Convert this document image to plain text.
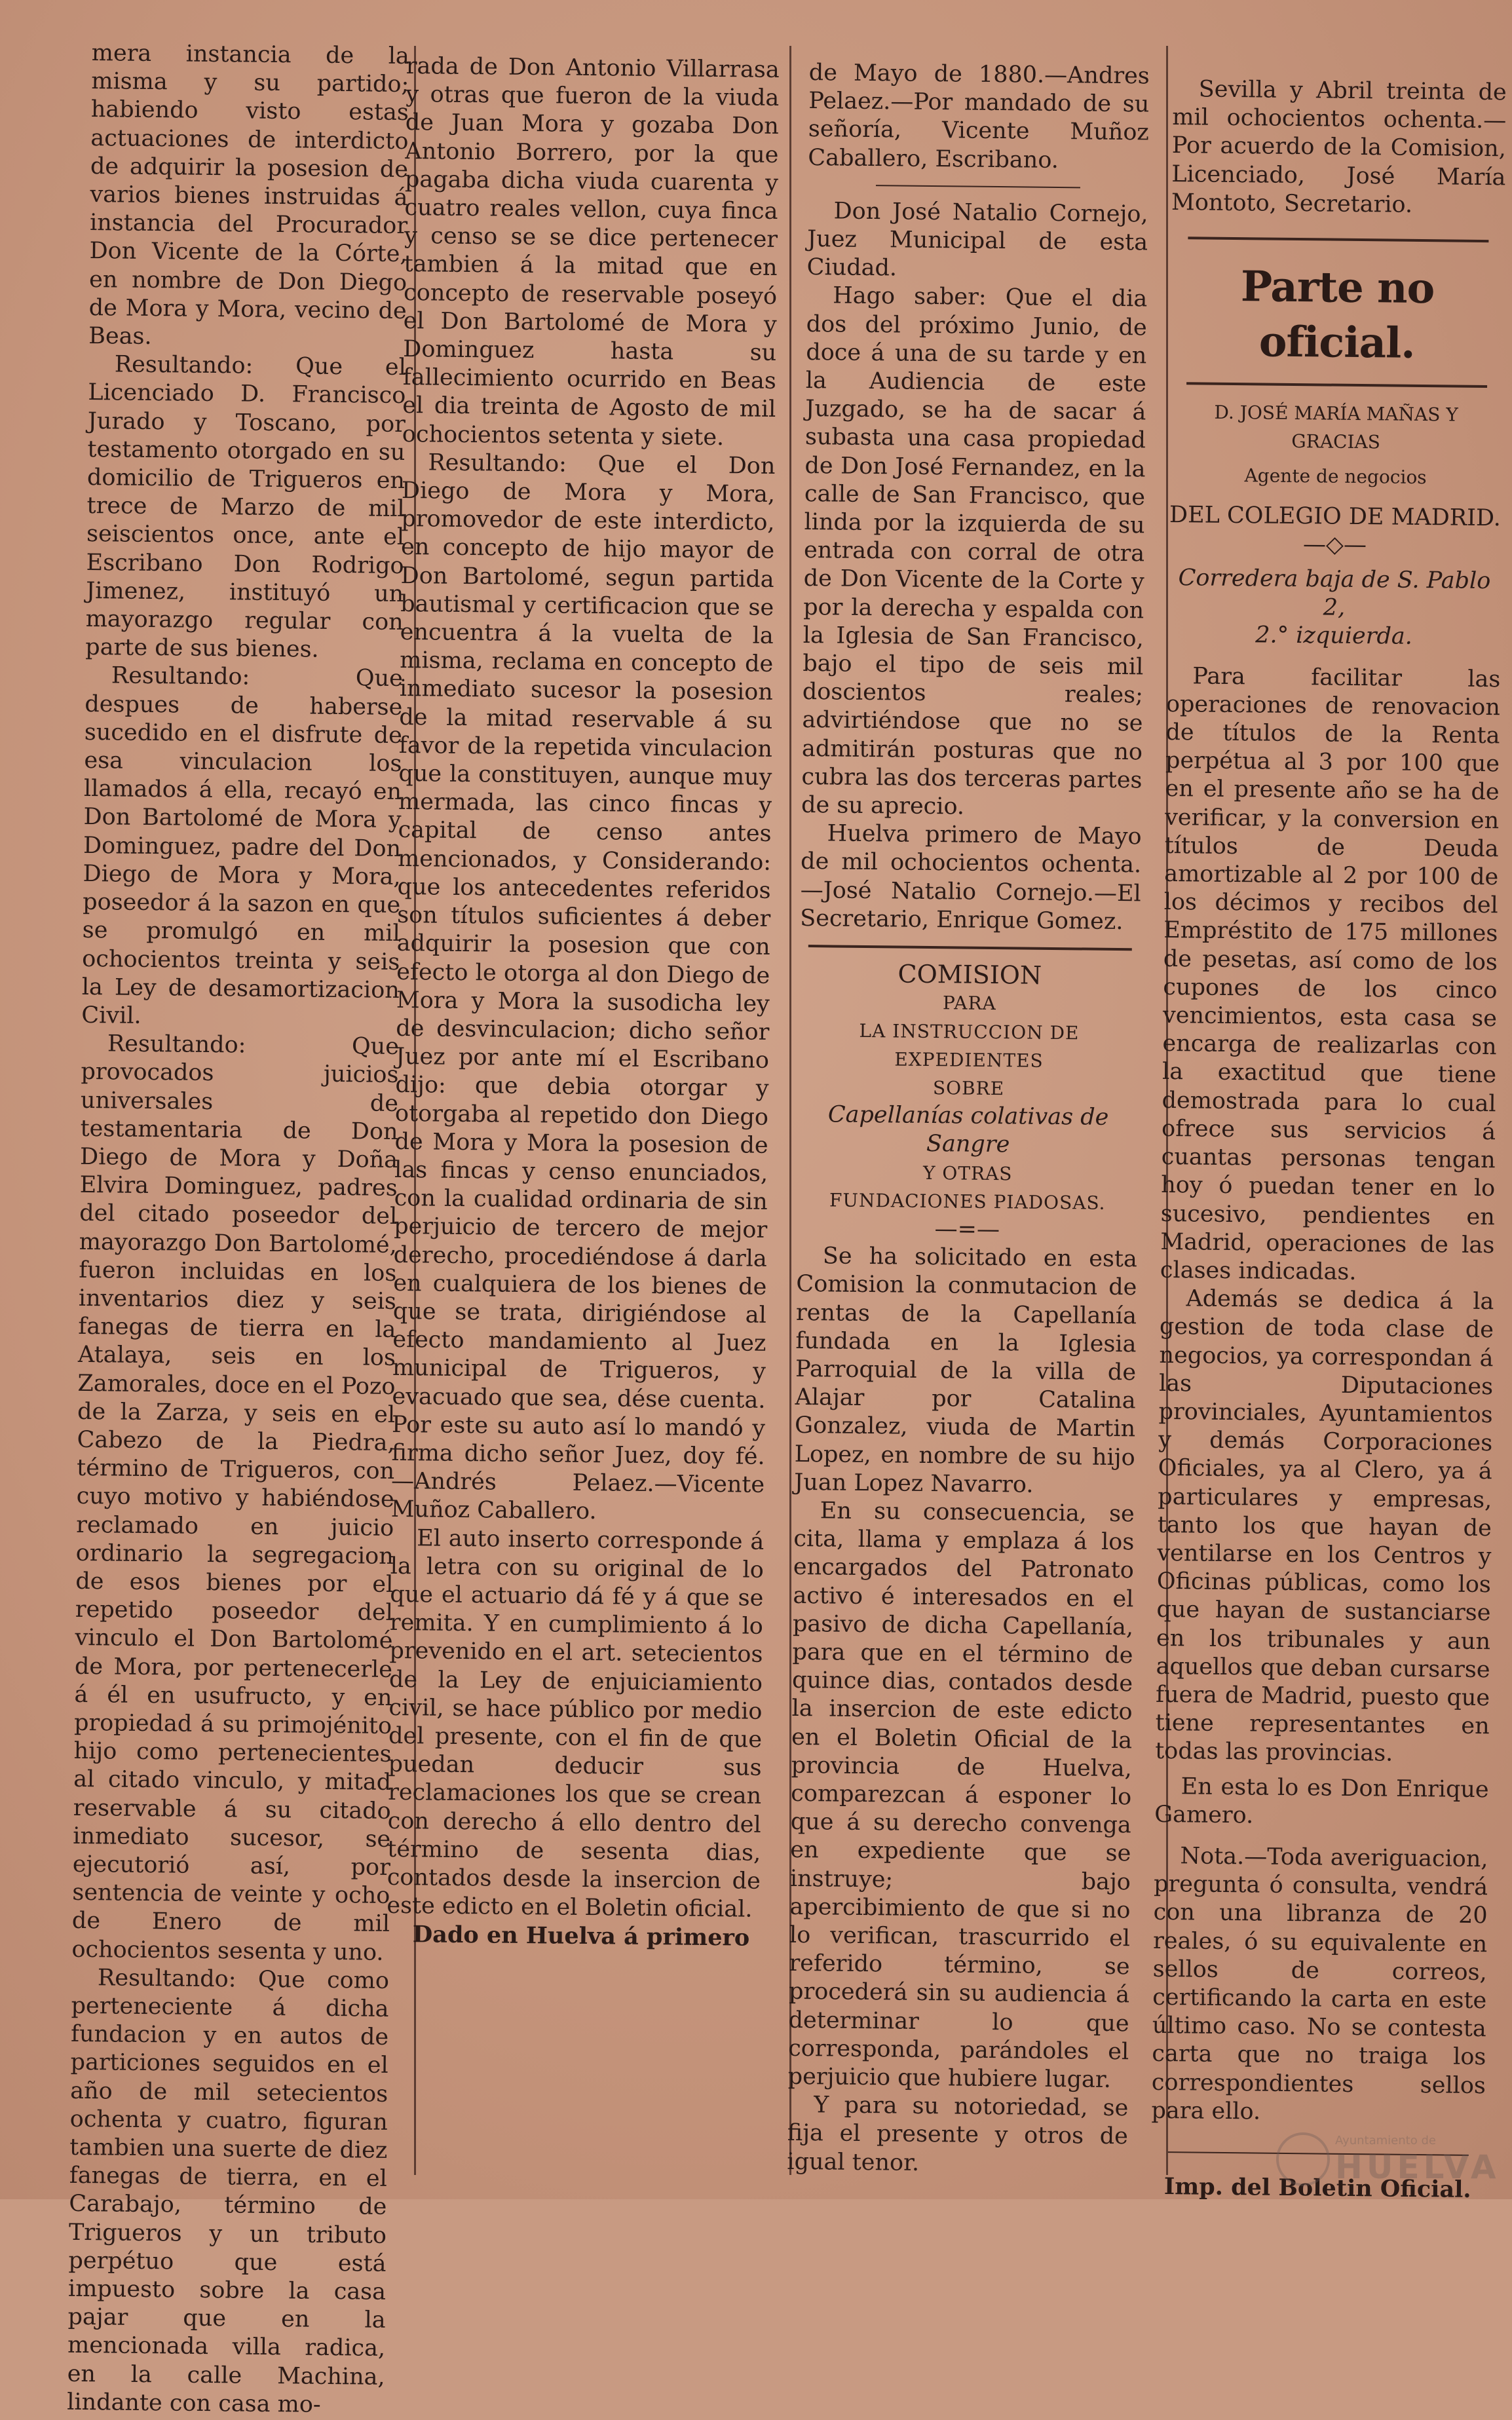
mera instancia de la misma y su partido; habiendo visto estas actuaciones de interdicto de adquirir la posesion de varios bienes instruidas á instancia del Procurador Don Vicente de la Córte, en nombre de Don Diego de Mora y Mora, vecino de Beas.

Resultando: Que el Licenciado D. Francisco Jurado y Toscano, por testamento otorgado en su domicilio de Trigueros en trece de Marzo de mil seiscientos once, ante el Escribano Don Rodrigo Jimenez, instituyó un mayorazgo regular con parte de sus bienes.

Resultando: Que despues de haberse sucedido en el disfrute de esa vinculacion los llamados á ella, recayó en Don Bartolomé de Mora y Dominguez, padre del Don Diego de Mora y Mora, poseedor á la sazon en que se promulgó en mil ochocientos treinta y seis la Ley de desamortizacion Civil.

Resultando: Que provocados juicios universales de testamentaria de Don Diego de Mora y Doña Elvira Dominguez, padres del citado poseedor del mayorazgo Don Bartolomé, fueron incluidas en los inventarios diez y seis fanegas de tierra en la Atalaya, seis en los Zamorales, doce en el Pozo de la Zarza, y seis en el Cabezo de la Piedra, término de Trigueros, con cuyo motivo y habiéndose reclamado en juicio ordinario la segregacion de esos bienes por el repetido poseedor del vinculo el Don Bartolomé de Mora, por pertenecerle á él en usufructo, y en propiedad á su primojénito hijo como pertenecientes al citado vinculo, y mitad reservable á su citado inmediato sucesor, se ejecutorió así, por sentencia de veinte y ocho de Enero de mil ochocientos sesenta y uno.

Resultando: Que como perteneciente á dicha fundacion y en autos de particiones seguidos en el año de mil setecientos ochenta y cuatro, figuran tambien una suerte de diez fanegas de tierra, en el Carabajo, término de Trigueros y un tributo perpétuo que está impuesto sobre la casa pajar que en la mencionada villa radica, en la calle Machina, lindante con casa mo-

rada de Don Antonio Villarrasa y otras que fueron de la viuda de Juan Mora y gozaba Don Antonio Borrero, por la que pagaba dicha viuda cuarenta y cuatro reales vellon, cuya finca y censo se se dice pertenecer tambien á la mitad que en concepto de reservable poseyó el Don Bartolomé de Mora y Dominguez hasta su fallecimiento ocurrido en Beas el dia treinta de Agosto de mil ochocientos setenta y siete.

Resultando: Que el Don Diego de Mora y Mora, promovedor de este interdicto, en concepto de hijo mayor de Don Bartolomé, segun partida bautismal y certificacion que se encuentra á la vuelta de la misma, reclama en concepto de inmediato sucesor la posesion de la mitad reservable á su favor de la repetida vinculacion que la constituyen, aunque muy mermada, las cinco fincas y capital de censo antes mencionados, y Considerando: que los antecedentes referidos son títulos suficientes á deber adquirir la posesion que con efecto le otorga al don Diego de Mora y Mora la susodicha ley de desvinculacion; dicho señor Juez por ante mí el Escribano dijo: que debia otorgar y otorgaba al repetido don Diego de Mora y Mora la posesion de las fincas y censo enunciados, con la cualidad ordinaria de sin perjuicio de tercero de mejor derecho, procediéndose á darla en cualquiera de los bienes de que se trata, dirigiéndose al efecto mandamiento al Juez municipal de Trigueros, y evacuado que sea, dése cuenta. Por este su auto así lo mandó y firma dicho señor Juez, doy fé.—Andrés Pelaez.—Vicente Muñoz Caballero.

El auto inserto corresponde á la letra con su original de lo que el actuario dá fé y á que se remita. Y en cumplimiento á lo prevenido en el art. setecientos de la Ley de enjuiciamiento civil, se hace público por medio del presente, con el fin de que puedan deducir sus reclamaciones los que se crean con derecho á ello dentro del término de sesenta dias, contados desde la insercion de este edicto en el Boletin oficial.

Dado en Huelva á primero

de Mayo de 1880.—Andres Pelaez.—Por mandado de su señoría, Vicente Muñoz Caballero, Escribano.

Don José Natalio Cornejo, Juez Municipal de esta Ciudad.

Hago saber: Que el dia dos del próximo Junio, de doce á una de su tarde y en la Audiencia de este Juzgado, se ha de sacar á subasta una casa propiedad de Don José Fernandez, en la calle de San Francisco, que linda por la izquierda de su entrada con corral de otra de Don Vicente de la Corte y por la derecha y espalda con la Iglesia de San Francisco, bajo el tipo de seis mil doscientos reales; advirtiéndose que no se admitirán posturas que no cubra las dos terceras partes de su aprecio.

Huelva primero de Mayo de mil ochocientos ochenta. —José Natalio Cornejo.—El Secretario, Enrique Gomez.

COMISION
PARA
LA INSTRUCCION DE EXPEDIENTES
SOBRE
Capellanías colativas de Sangre
Y OTRAS
FUNDACIONES PIADOSAS.
—=—

Se ha solicitado en esta Comision la conmutacion de rentas de la Capellanía fundada en la Iglesia Parroquial de la villa de Alajar por Catalina Gonzalez, viuda de Martin Lopez, en nombre de su hijo Juan Lopez Navarro.

En su consecuencia, se cita, llama y emplaza á los encargados del Patronato activo é interesados en el pasivo de dicha Capellanía, para que en el término de quince dias, contados desde la insercion de este edicto en el Boletin Oficial de la provincia de Huelva, comparezcan á esponer lo que á su derecho convenga en expediente que se instruye; bajo apercibimiento de que si no lo verifican, trascurrido el referido término, se procederá sin su audiencia á determinar lo que corresponda, parándoles el perjuicio que hubiere lugar.

Y para su notoriedad, se fija el presente y otros de igual tenor.

Sevilla y Abril treinta de mil ochocientos ochenta.—Por acuerdo de la Comision, Licenciado, José María Montoto, Secretario.

Parte no oficial.
D. JOSÉ MARÍA MAÑAS Y GRACIAS
Agente de negocios
DEL COLEGIO DE MADRID.
—◇—
Corredera baja de S. Pablo 2,
2.° izquierda.

Para facilitar las operaciones de renovacion de títulos de la Renta perpétua al 3 por 100 que en el presente año se ha de verificar, y la conversion en títulos de Deuda amortizable al 2 por 100 de los décimos y recibos del Empréstito de 175 millones de pesetas, así como de los cupones de los cinco vencimientos, esta casa se encarga de realizarlas con la exactitud que tiene demostrada para lo cual ofrece sus servicios á cuantas personas tengan hoy ó puedan tener en lo sucesivo, pendientes en Madrid, operaciones de las clases indicadas.

Además se dedica á la gestion de toda clase de negocios, ya correspondan á las Diputaciones provinciales, Ayuntamientos y demás Corporaciones Oficiales, ya al Clero, ya á particulares y empresas, tanto los que hayan de ventilarse en los Centros y Oficinas públicas, como los que hayan de sustanciarse en los tribunales y aun aquellos que deban cursarse fuera de Madrid, puesto que tiene representantes en todas las provincias.

En esta lo es Don Enrique Gamero.

Nota.—Toda averiguacion, pregunta ó consulta, vendrá con una libranza de 20 reales, ó su equivalente en sellos de correos, certificando la carta en este último caso. No se contesta carta que no traiga los correspondientes sellos para ello.

Imp. del Boletin Oficial.
Ayuntamiento de
HUELVA
